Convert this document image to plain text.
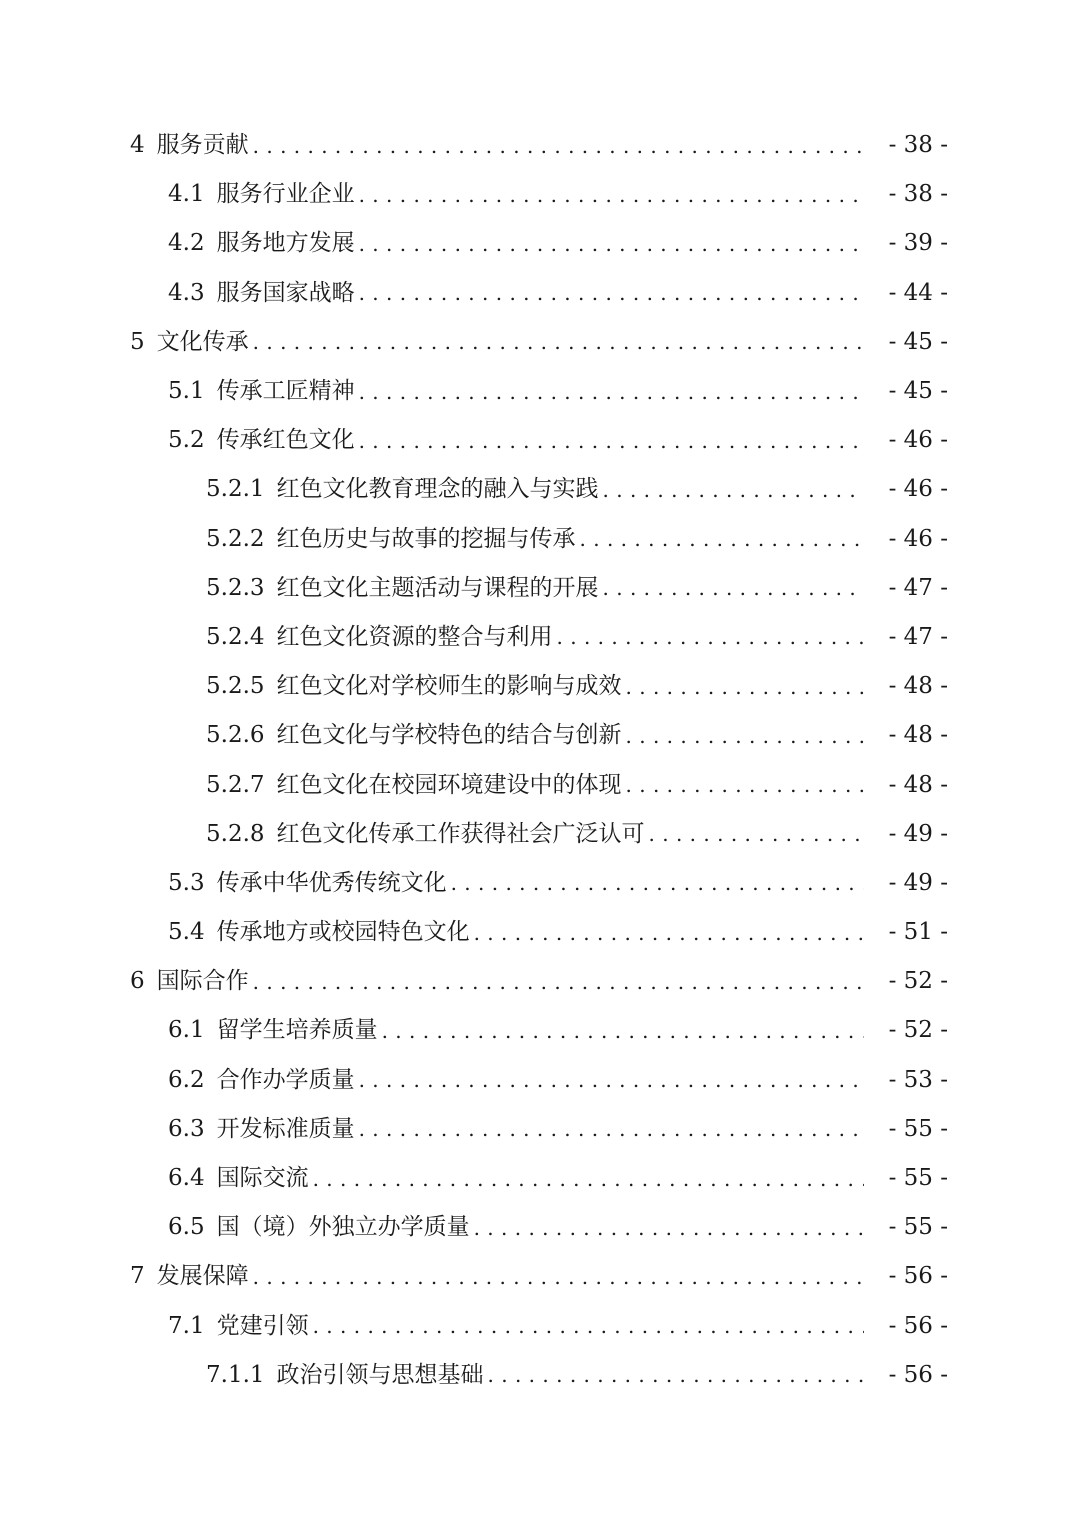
4 服务贡献 . . .	- 38 -
4.1 服务行业企业 . . .	- 38 -
4.2 服务地方发展 . . .	- 39 -
4.3 服务国家战略 . . .	- 44 -
5 文化传承 . . .	- 45 -
5.1 传承工匠精神 . . .	- 45 -
5.2 传承红色文化 . . .	- 46 -
5.2.1 红色文化教育理念的融入与实践 . . .	- 46 -
5.2.2 红色历史与故事的挖掘与传承 . . .	- 46 -
5.2.3 红色文化主题活动与课程的开展 . . .	- 47 -
5.2.4 红色文化资源的整合与利用 . . .	- 47 -
5.2.5 红色文化对学校师生的影响与成效 . . .	- 48 -
5.2.6 红色文化与学校特色的结合与创新 . . .	- 48 -
5.2.7 红色文化在校园环境建设中的体现 . . .	- 48 -
5.2.8 红色文化传承工作获得社会广泛认可 . . .	- 49 -
5.3 传承中华优秀传统文化 . . .	- 49 -
5.4 传承地方或校园特色文化 . . .	- 51 -
6 国际合作 . . .	- 52 -
6.1 留学生培养质量 . . .	- 52 -
6.2 合作办学质量 . . .	- 53 -
6.3 开发标准质量 . . .	- 55 -
6.4 国际交流 . . .	- 55 -
6.5 国（境）外独立办学质量 . . .	- 55 -
7 发展保障 . . .	- 56 -
7.1 党建引领 . . .	- 56 -
7.1.1 政治引领与思想基础 . . .	- 56 -
